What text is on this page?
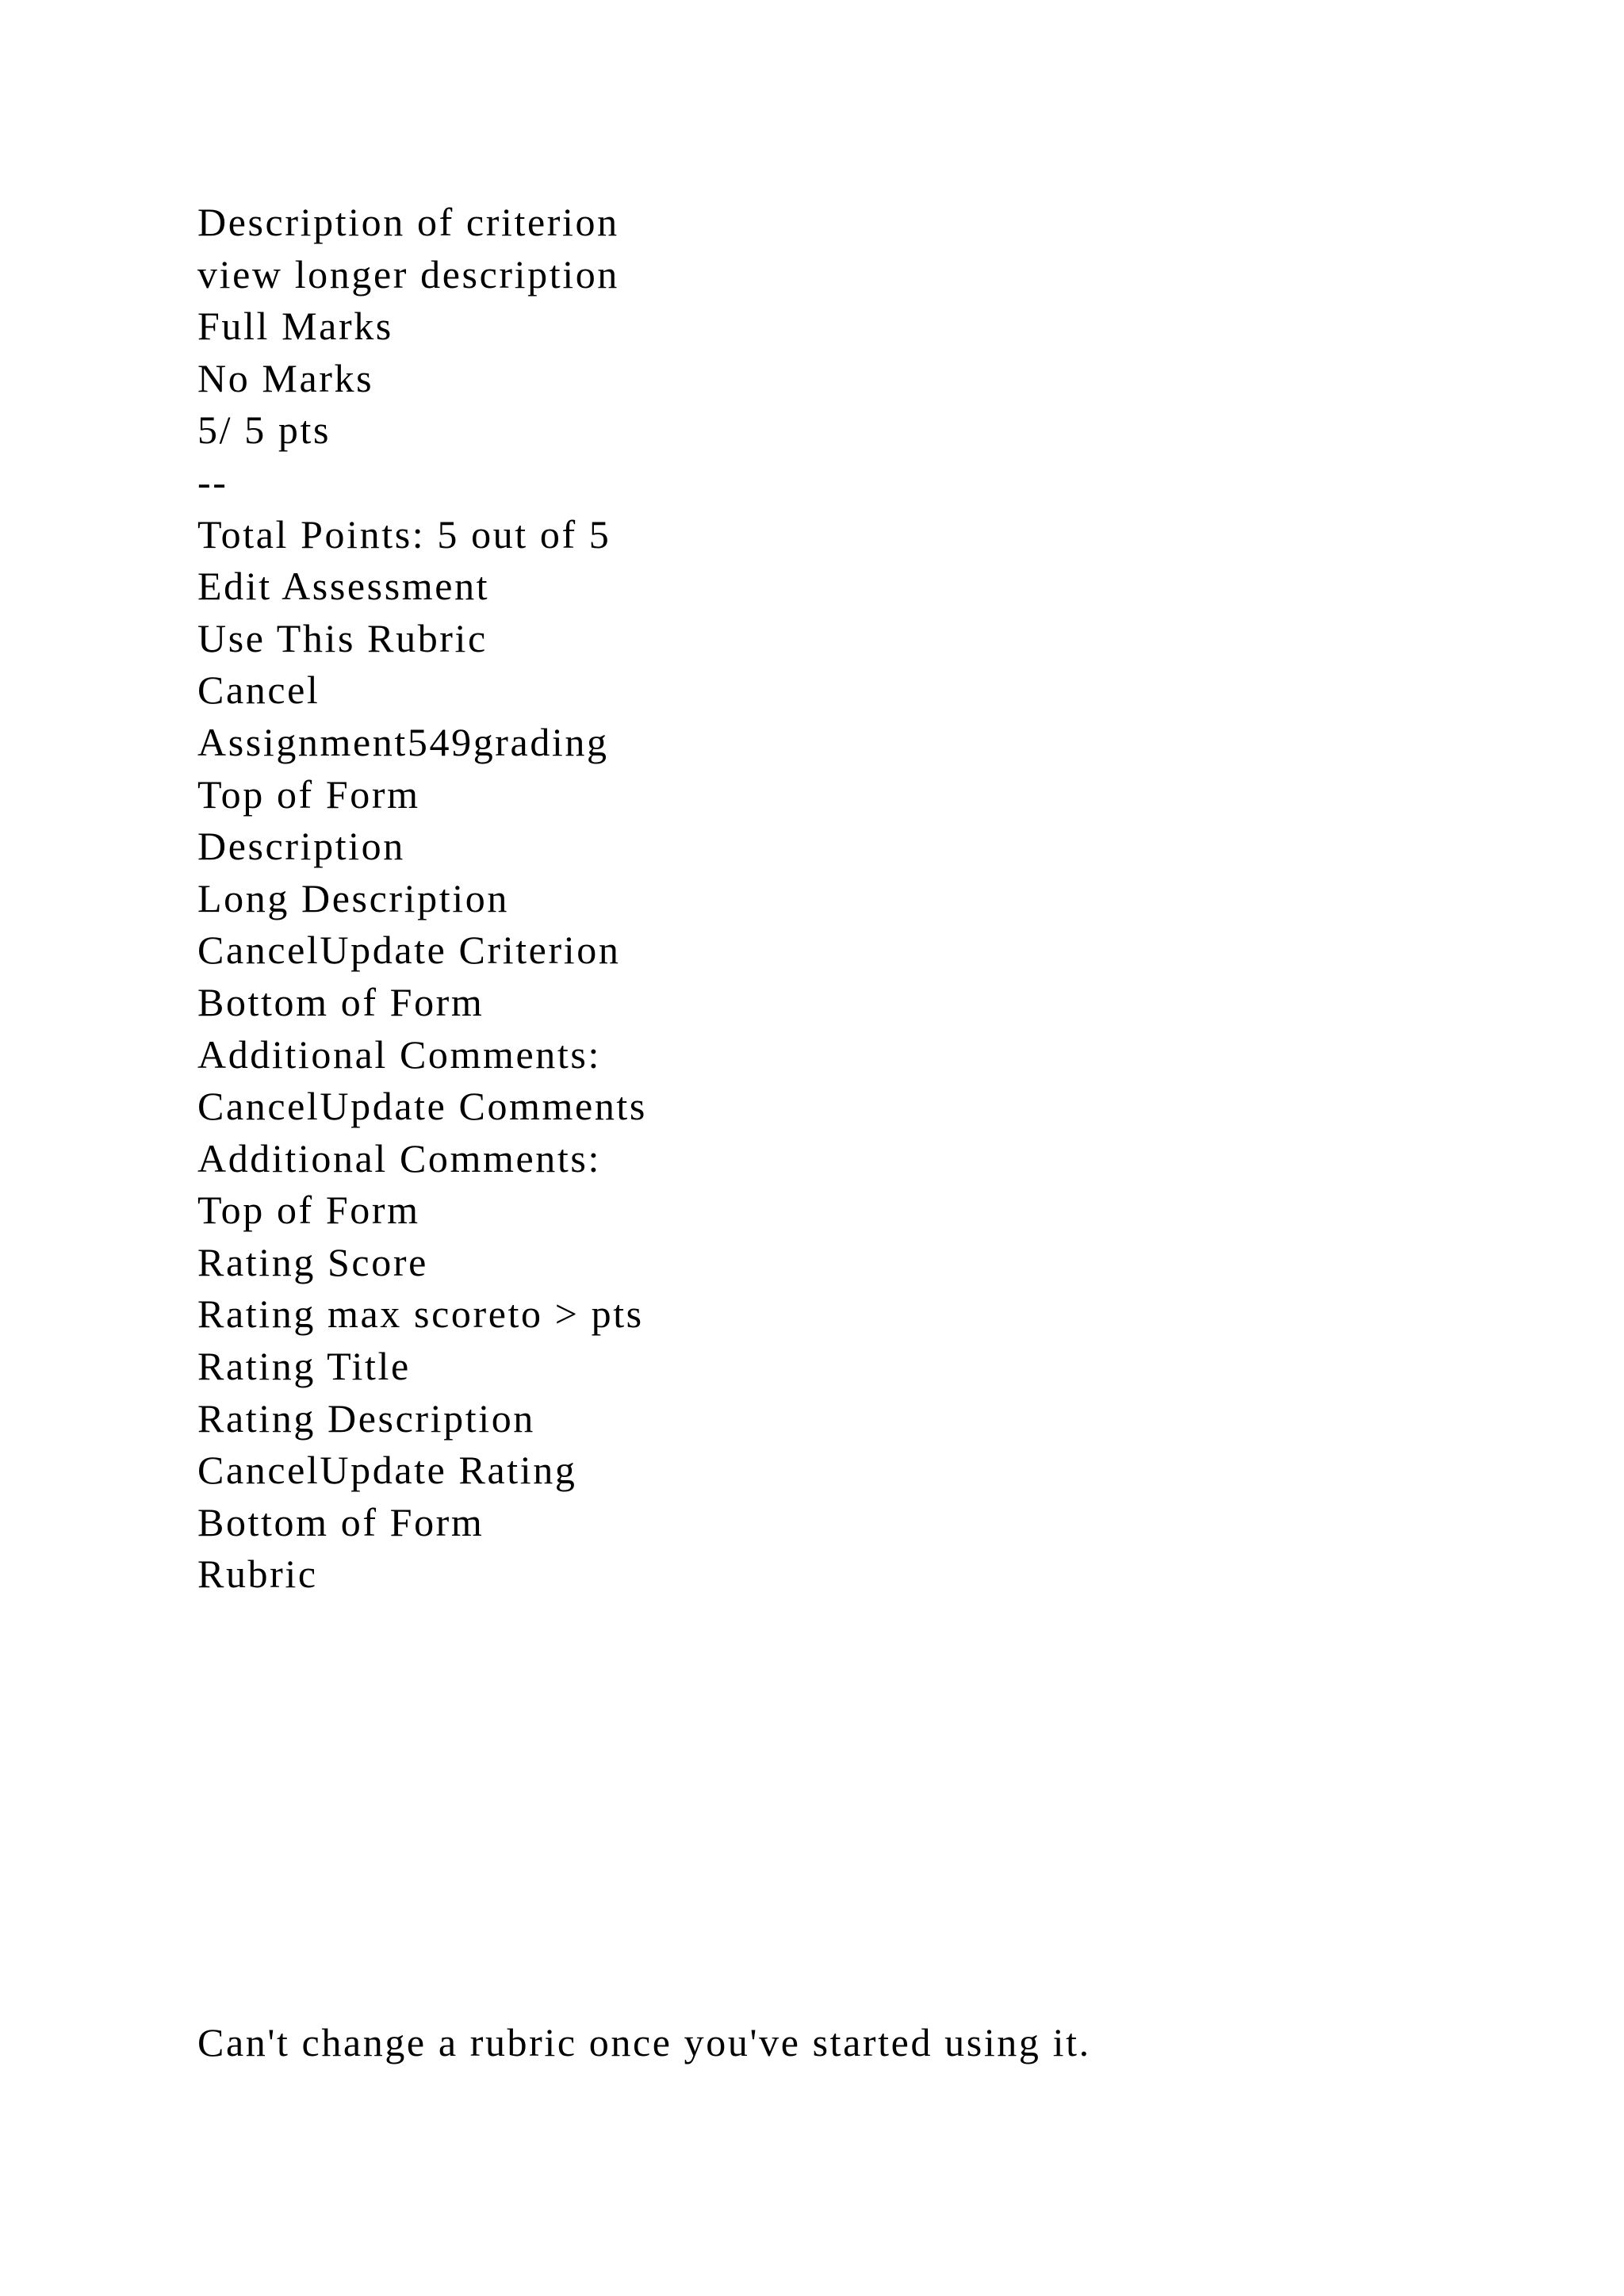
Description of criterion
view longer description
Full Marks
No Marks
5/ 5 pts
--
Total Points: 5 out of 5
Edit Assessment
Use This Rubric
Cancel
Assignment549grading
Top of Form
Description
Long Description
CancelUpdate Criterion
Bottom of Form
Additional Comments:
CancelUpdate Comments
Additional Comments:
Top of Form
Rating Score
Rating max scoreto > pts
Rating Title
Rating Description
CancelUpdate Rating
Bottom of Form
Rubric
Can't change a rubric once you've started using it.
